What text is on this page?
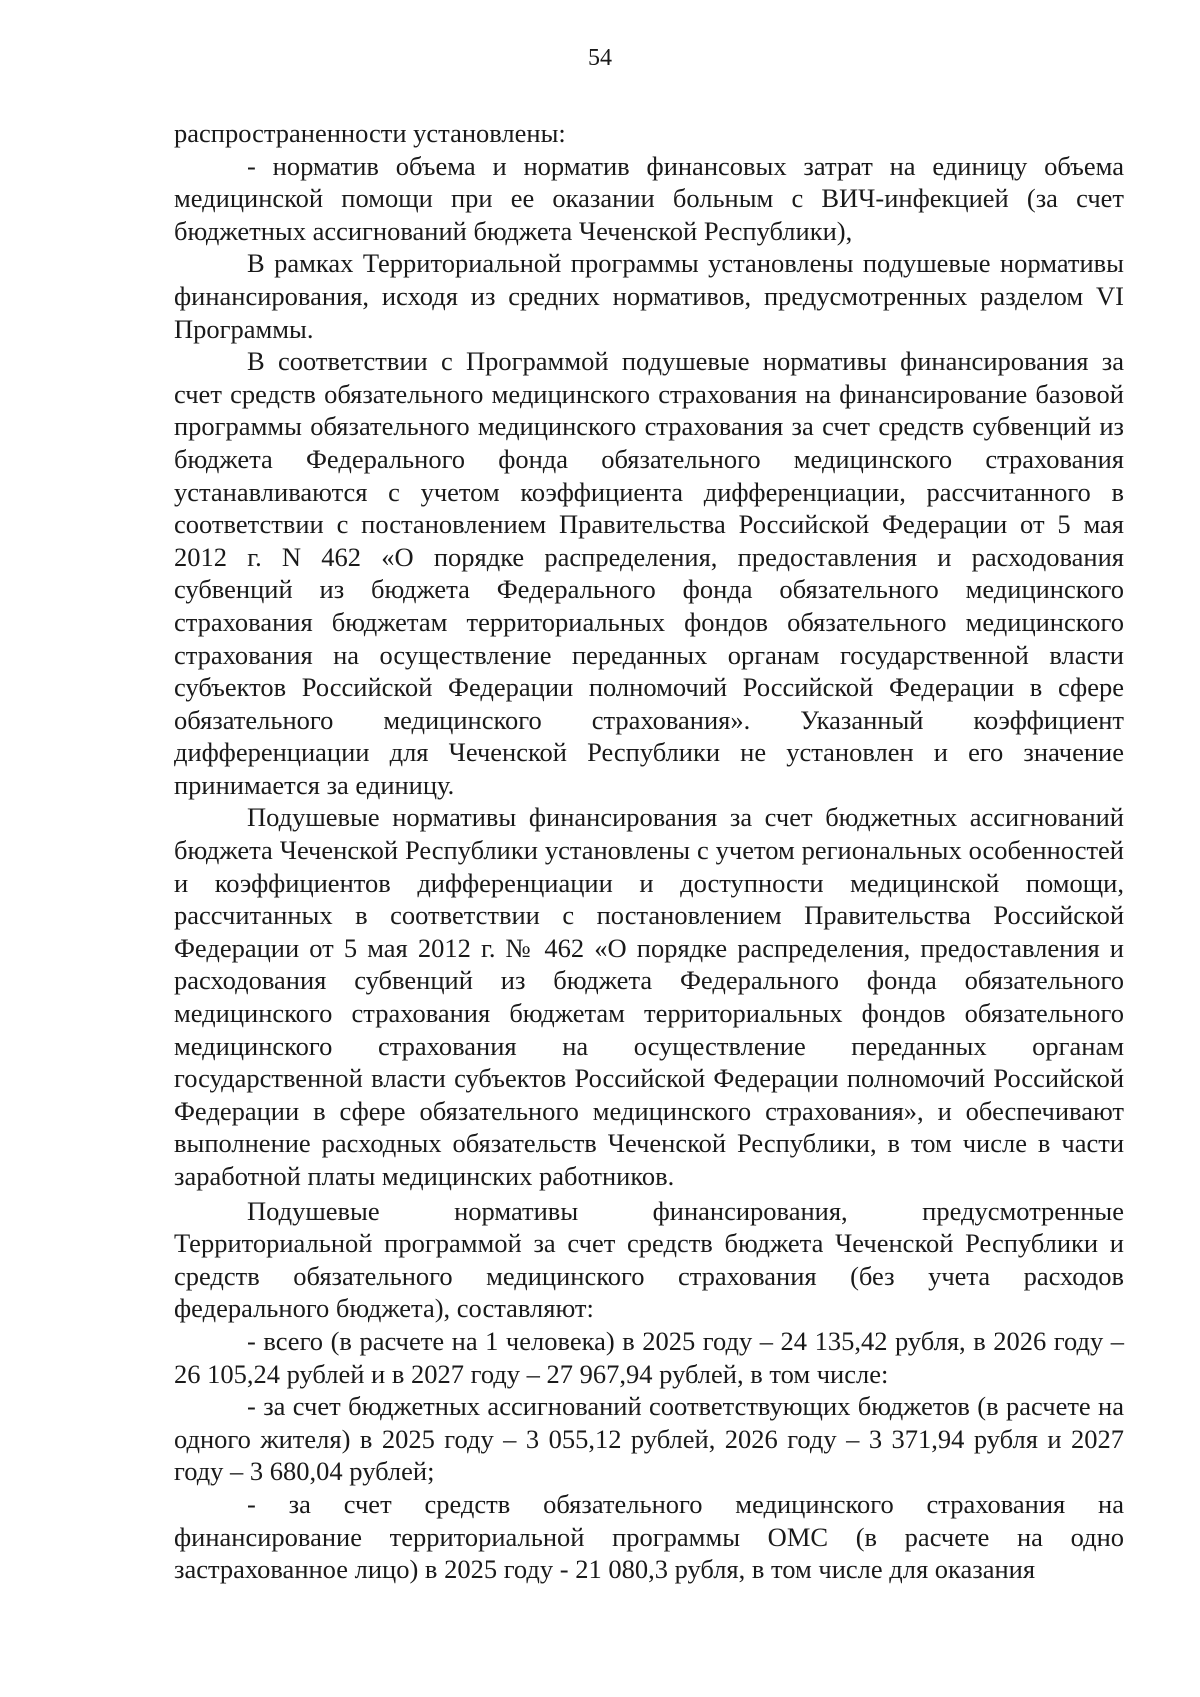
54

распространенности установлены:

- норматив объема и норматив финансовых затрат на единицу объема медицинской помощи при ее оказании больным с ВИЧ-инфекцией (за счет бюджетных ассигнований бюджета Чеченской Республики),

В рамках Территориальной программы установлены подушевые нормативы финансирования, исходя из средних нормативов, предусмотренных разделом VI Программы.

В соответствии с Программой подушевые нормативы финансирования за счет средств обязательного медицинского страхования на финансирование базовой программы обязательного медицинского страхования за счет средств субвенций из бюджета Федерального фонда обязательного медицинского страхования устанавливаются с учетом коэффициента дифференциации, рассчитанного в соответствии с постановлением Правительства Российской Федерации от 5 мая 2012 г. N 462 «О порядке распределения, предоставления и расходования субвенций из бюджета Федерального фонда обязательного медицинского страхования бюджетам территориальных фондов обязательного медицинского страхования на осуществление переданных органам государственной власти субъектов Российской Федерации полномочий Российской Федерации в сфере обязательного медицинского страхования». Указанный коэффициент дифференциации для Чеченской Республики не установлен и его значение принимается за единицу.

Подушевые нормативы финансирования за счет бюджетных ассигнований бюджета Чеченской Республики установлены с учетом региональных особенностей и коэффициентов дифференциации и доступности медицинской помощи, рассчитанных в соответствии с постановлением Правительства Российской Федерации от 5 мая 2012 г. № 462 «О порядке распределения, предоставления и расходования субвенций из бюджета Федерального фонда обязательного медицинского страхования бюджетам территориальных фондов обязательного медицинского страхования на осуществление переданных органам государственной власти субъектов Российской Федерации полномочий Российской Федерации в сфере обязательного медицинского страхования», и обеспечивают выполнение расходных обязательств Чеченской Республики, в том числе в части заработной платы медицинских работников.

Подушевые нормативы финансирования, предусмотренные Территориальной программой за счет средств бюджета Чеченской Республики и средств обязательного медицинского страхования (без учета расходов федерального бюджета), составляют:

- всего (в расчете на 1 человека) в 2025 году – 24 135,42 рубля, в 2026 году – 26 105,24 рублей и в 2027 году – 27 967,94 рублей, в том числе:

- за счет бюджетных ассигнований соответствующих бюджетов (в расчете на одного жителя) в 2025 году – 3 055,12 рублей, 2026 году – 3 371,94 рубля и 2027 году – 3 680,04 рублей;

- за счет средств обязательного медицинского страхования на финансирование территориальной программы ОМС (в расчете на одно застрахованное лицо) в 2025 году - 21 080,3 рубля, в том числе для оказания
